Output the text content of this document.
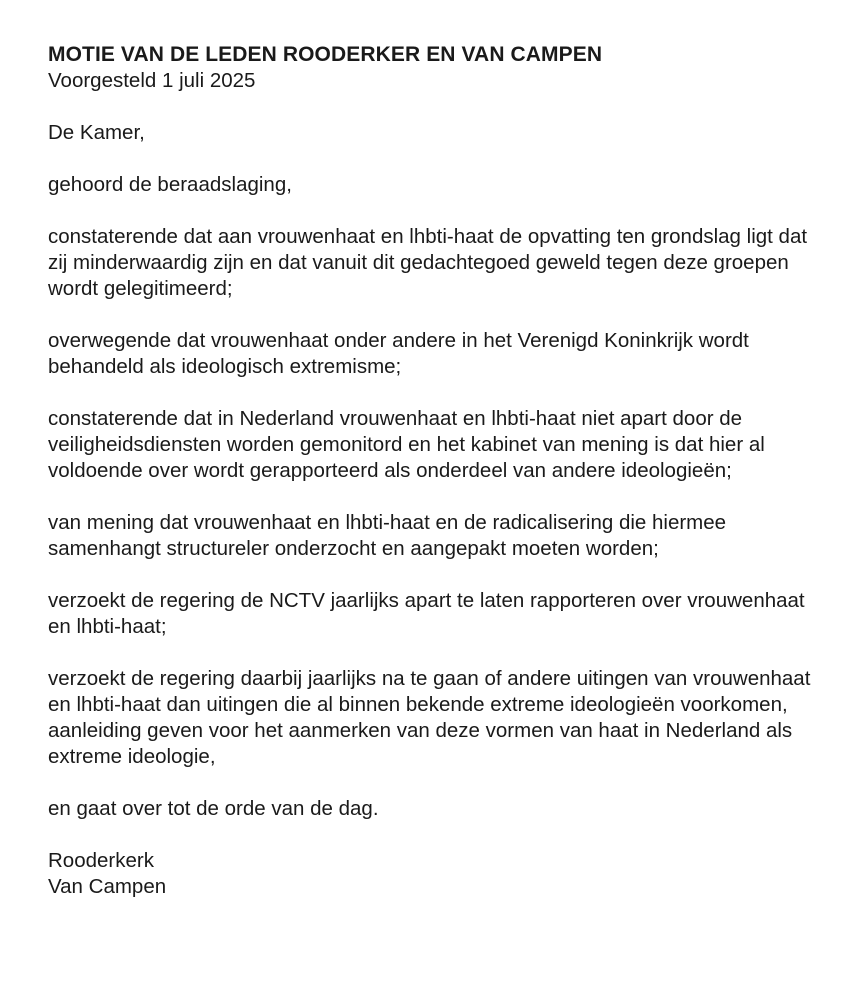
MOTIE VAN DE LEDEN ROODERKER EN VAN CAMPEN
Voorgesteld 1 juli 2025
De Kamer,
gehoord de beraadslaging,
constaterende dat aan vrouwenhaat en lhbti-haat de opvatting ten grondslag ligt dat zij minderwaardig zijn en dat vanuit dit gedachtegoed geweld tegen deze groepen wordt gelegitimeerd;
overwegende dat vrouwenhaat onder andere in het Verenigd Koninkrijk wordt behandeld als ideologisch extremisme;
constaterende dat in Nederland vrouwenhaat en lhbti-haat niet apart door de veiligheidsdiensten worden gemonitord en het kabinet van mening is dat hier al voldoende over wordt gerapporteerd als onderdeel van andere ideologieën;
van mening dat vrouwenhaat en lhbti-haat en de radicalisering die hiermee samenhangt structureler onderzocht en aangepakt moeten worden;
verzoekt de regering de NCTV jaarlijks apart te laten rapporteren over vrouwenhaat en lhbti-haat;
verzoekt de regering daarbij jaarlijks na te gaan of andere uitingen van vrouwenhaat en lhbti-haat dan uitingen die al binnen bekende extreme ideologieën voorkomen, aanleiding geven voor het aanmerken van deze vormen van haat in Nederland als extreme ideologie,
en gaat over tot de orde van de dag.
Rooderkerk
Van Campen
